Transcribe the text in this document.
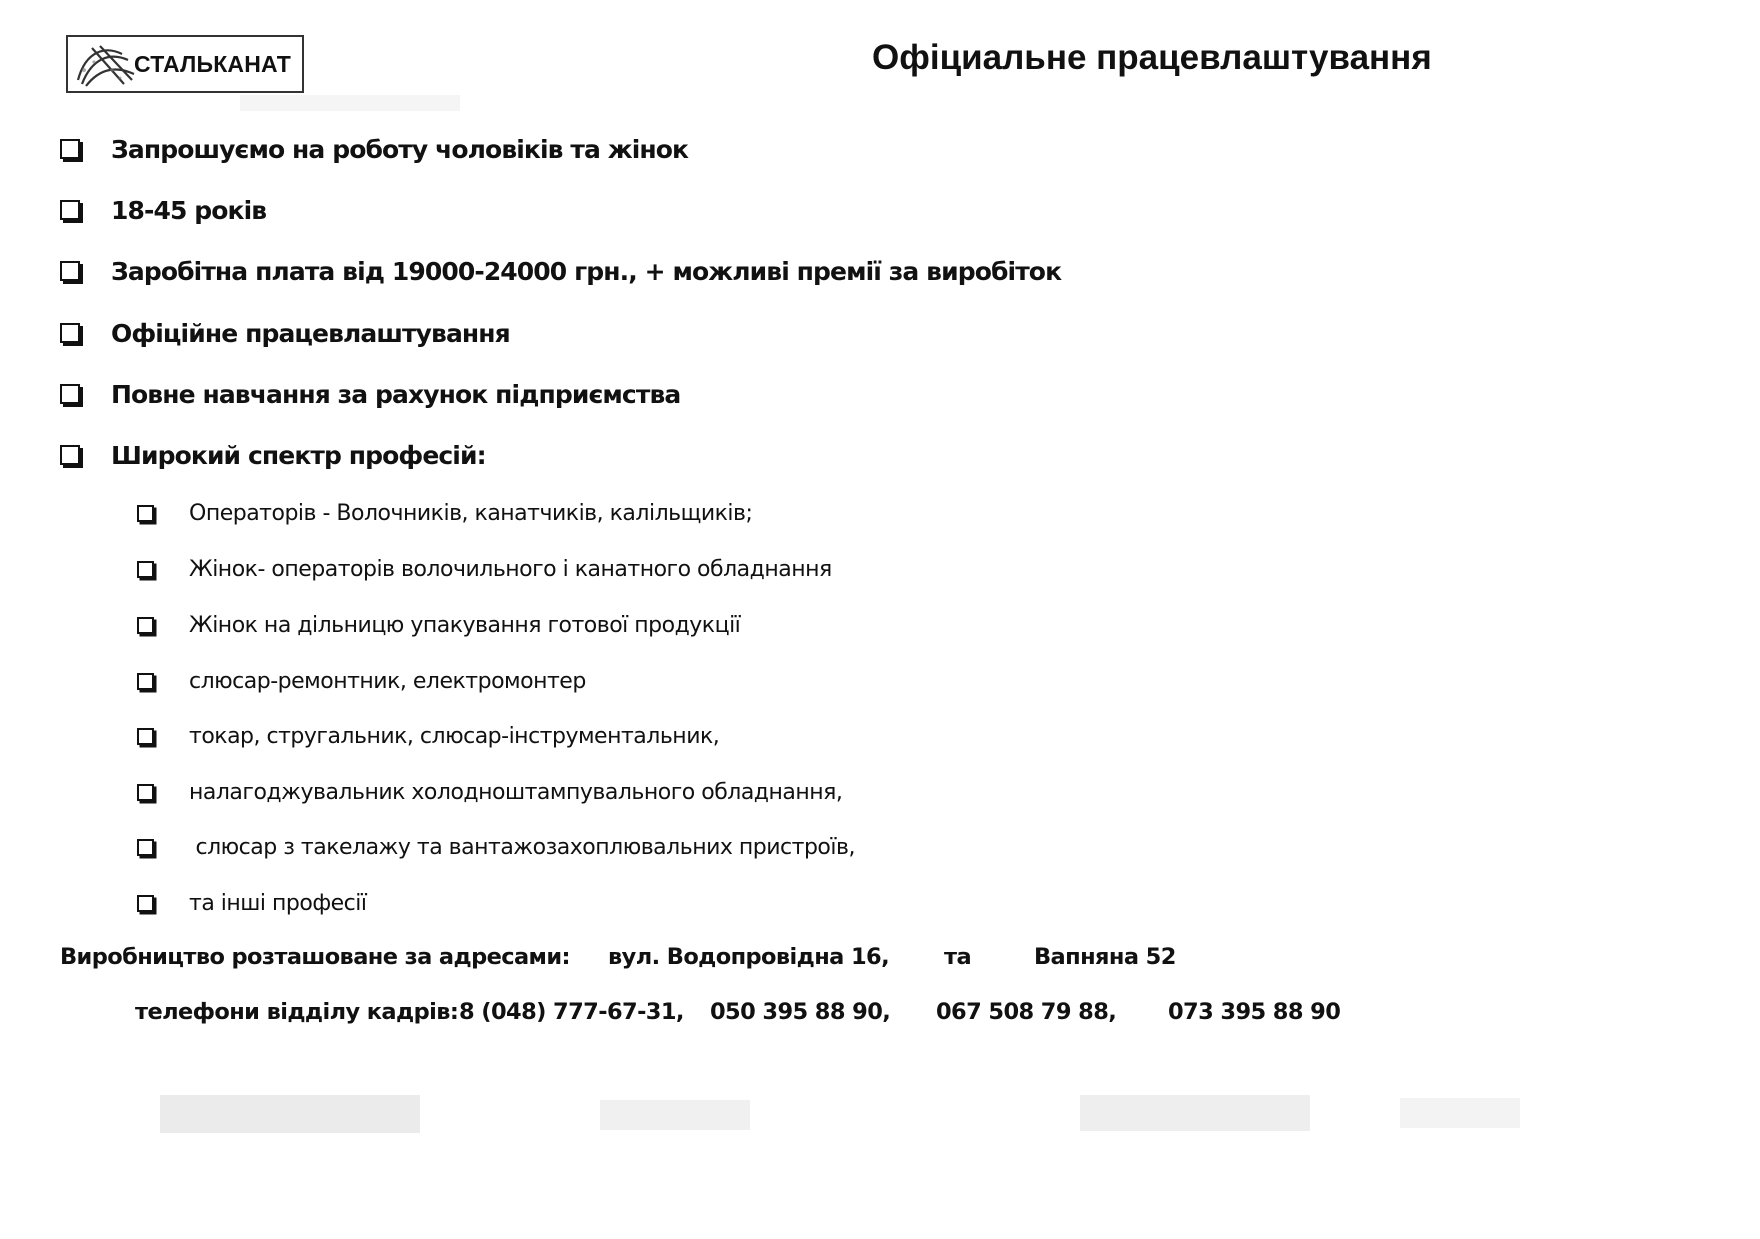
СТАЛЬКАНАТ	Офіциальне працевлаштування
Запрошуємо на роботу чоловіків та жінок
18-45 років
Заробітна плата від 19000-24000 грн., + можливі премії за виробіток
Офіційне працевлаштування
Повне навчання за рахунок підприємства
Широкий спектр професій:
Операторів - Волочників, канатчиків, калільщиків;
Жінок- операторів волочильного і канатного обладнання
Жінок на дільницю упакування готової продукції
слюсар-ремонтник, електромонтер
токар, стругальник, слюсар-інструментальник,
налагоджувальник холодноштампувального обладнання,
слюсар з такелажу та вантажозахоплювальних пристроїв,
та інші професії
Виробництво розташоване за адресами: вул. Водопровідна 16, та	Вапняна 52
телефони відділу кадрів: 8 (048) 777-67-31, 050 395 88 90, 067 508 79 88, 073 395 88 90
